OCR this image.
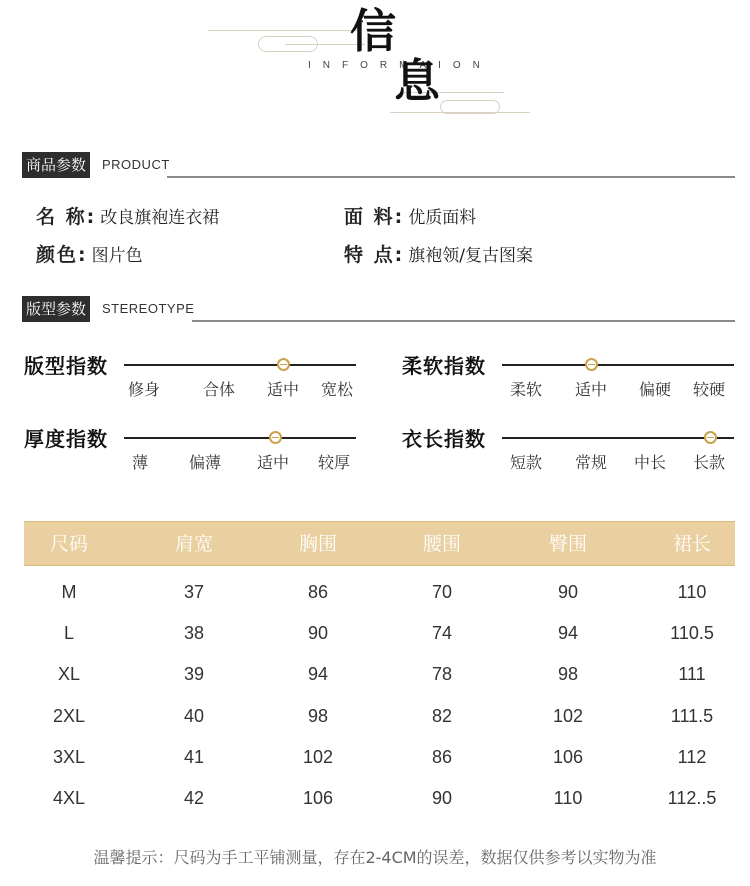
信
INFORMAION
息
商品参数	PRODUCT
名 称: 改良旗袍连衣裙	面 料: 优质面料
颜色: 图片色	特 点: 旗袍领/复古图案
版型参数	STEREOTYPE
版型指数
修身	合体 适中 宽松
柔软指数
柔软 适中 偏硬 较硬
厚度指数
薄	偏薄 适中 较厚
衣长指数
短款 常规 中长 长款
尺码	肩宽	胸围	腰围	臀围	裙长
M	37	86	70	90	110
L	38	90	74	94	110.5
XL	39	94	78	98	111
2XL	40	98	82	102	111.5
3XL	41	102	86	106	112
4XL	42	106	90	110	112..5
温馨提示：尺码为手工平铺测量，存在2-4CM的误差，数据仅供参考以实物为准
